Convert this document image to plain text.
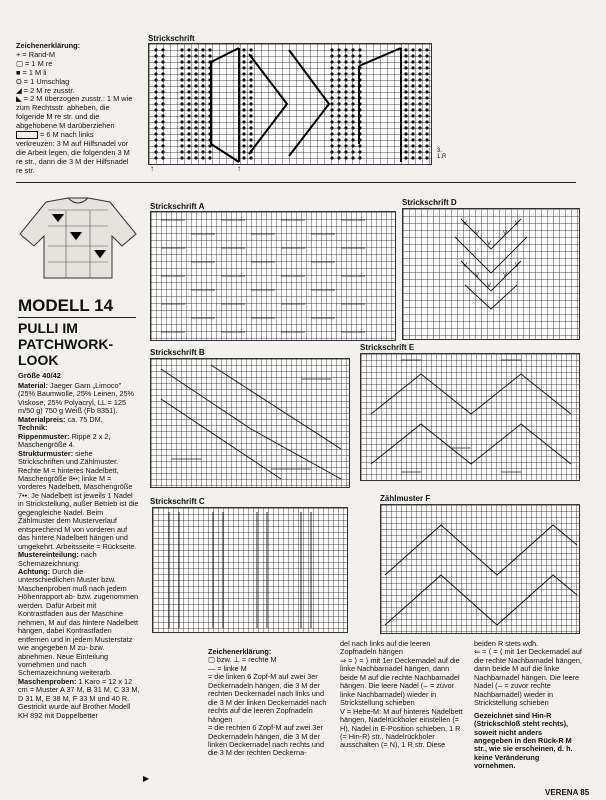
Zeichenerklärung:
+ = Rand-M
▢ = 1 M re
■ = 1 M li
O = 1 Umschlag
◢ = 2 M re zusstr.
◣ = 2 M überzogen zusstr.: 1 M wie zum Rechtsstr. abheben, die folgende M re str. und die abgehobene M darüberziehen
= 6 M nach links verkreuzen: 3 M auf Hilfsnadel vor die Arbeit legen, die folgenden 3 M re str., dann die 3 M der Hilfsnadel re str.
Strickschrift
3.
1.R
↑	↑
MODELL 14
PULLI IM
PATCHWORK-
LOOK
Größe 40/42
Material: Jaeger Garn „Limoco" (25% Baumwolle, 25% Leinen, 25% Viskose, 25% Polyacryl, LL = 125 m/50 g) 750 g Weiß (Fb 8351).
Materialpreis: ca. 75 DM.
Technik:
Rippenmuster: Rippe 2 x 2, Maschengröße 4.
Strukturmuster: siehe Strickschriften und Zählmuster. Rechte M = hinteres Nadelbett, Maschengröße 8••; linke M = vorderes Nadelbett, Maschengröße 7••. Je Nadelbett ist jeweils 1 Nadel in Strickstellung, außer Betrieb ist die gegengleiche Nadel. Beim Zählmuster dem Musterverlauf entsprechend M von vorderen auf das hintere Nadelbett hängen und umgekehrt. Arbeitsseite = Rückseite.
Mustereinteilung: nach Schemazeichnung.
Achtung: Durch die unterschiedlichen Muster bzw. Maschenproben muß nach jedem Höhenrapport ab- bzw. zugenommen werden. Dafür Arbeit mit Kontrastfaden aus der Maschine nehmen, M auf das hintere Nadelbett hängen, dabei Kontrastfaden entfernen und in jedem Musterstatz wie angegeben M zu- bzw. abnehmen. Neue Einteilung vornehmen und nach Schemazeichnung weiterarb.
Maschenproben: 1 Karo = 12 x 12 cm = Muster A 37 M, B 31 M, C 33 M, D 31 M, E 38 M, F 33 M und 40 R.
Gestrickt wurde auf Brother Modell KH 892 mit Doppelbetter
▶
Strickschrift A	Strickschrift D
V
V
V
V
V
V
V
V
V
V
Strickschrift B
Strickschrift E
Strickschrift C	Zählmuster F
Zeichenerklärung:
▢ bzw. ⊥ = rechte M
— = linke M
= die linken 6 Zopf-M auf zwei 3er Deckernadeln hängen, die 3 M der rechten Deckernadel nach links und die 3 M der linken Deckernadel nach rechts auf die leeren Zopfnadeln hängen
= die rechten 6 Zopf-M auf zwei 3er Deckernadeln hängen, die 3 M der linken Deckernadel nach rechts und die 3 M der rechten Deckerna-
del nach links auf die leeren Zopfnadeln hängen
⇒ = ⟩ = ⟩ mit 1er Deckernadel auf die linke Nachbarnadel hängen, dann beide M auf die rechte Nachbarnadel hängen. Die leere Nadel (⌣ = zuvor linke Nachbarnadel) wieder in Strickstellung schieben
V = Hebe-M: M auf hinteres Nadelbett hängen, Nadelrückholer einstellen (= H), Nadel in E-Position schieben, 1 R (= Hin-R) str., Nadelrückholer ausschalten (= N), 1 R str. Diese
beiden R stets wdh.
⇐ = ⟨ = ⟨ mit 1er Deckernadel auf die rechte Nachbarnadel hängen, dann beide M auf die linke Nachbarnadel hängen. Die leere Nadel (⌣ = zuvor rechte Nachbarnadel) wieder in Strickstellung schieben
Gezeichnet sind Hin-R (Strickschloß steht rechts), soweit nicht anders angegeben in den Rück-R M str., wie sie erscheinen, d. h. keine Veränderung vornehmen.
VERENA 85
